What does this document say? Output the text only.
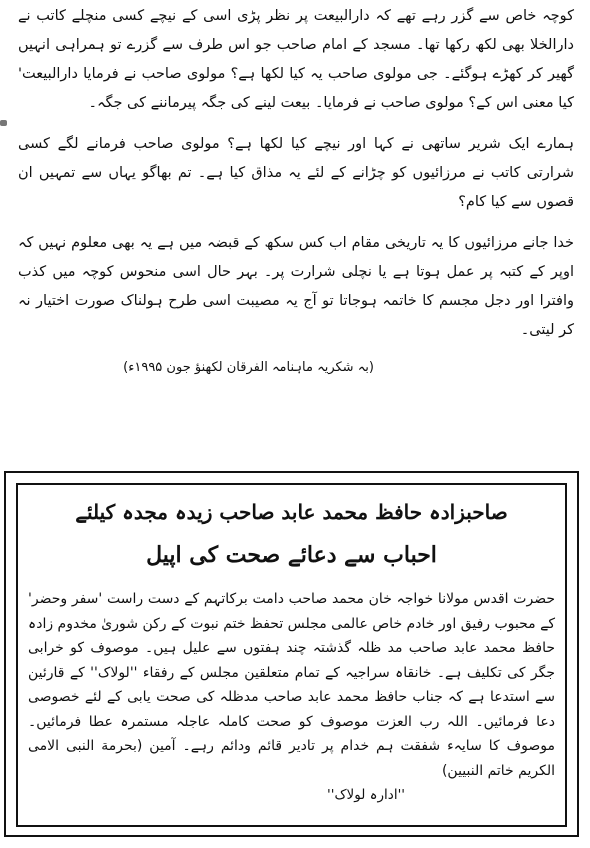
کوچہ خاص سے گزر رہے تھے کہ دارالبیعت پر نظر پڑی اسی کے نیچے کسی منچلے کاتب نے دارالخلا بھی لکھ رکھا تھا۔ مسجد کے امام صاحب جو اس طرف سے گزرے تو ہمراہی انہیں گھیر کر کھڑے ہوگئے۔ جی مولوی صاحب یہ کیا لکھا ہے؟ مولوی صاحب نے فرمایا دارالبیعت' کیا معنی اس کے؟ مولوی صاحب نے فرمایا۔ بیعت لینے کی جگہ پیرماننے کی جگہ۔

ہمارے ایک شریر ساتھی نے کہا اور نیچے کیا لکھا ہے؟ مولوی صاحب فرمانے لگے کسی شرارتی کاتب نے مرزائیوں کو چڑانے کے لئے یہ مذاق کیا ہے۔ تم بھاگو یہاں سے تمہیں ان قصوں سے کیا کام؟

خدا جانے مرزائیوں کا یہ تاریخی مقام اب کس سکھ کے قبضہ میں ہے یہ بھی معلوم نہیں کہ اوپر کے کتبہ پر عمل ہوتا ہے یا نچلی شرارت پر۔ بہر حال اسی منحوس کوچہ میں کذب وافترا اور دجل مجسم کا خاتمہ ہوجاتا تو آج یہ مصیبت اسی طرح ہولناک صورت اختیار نہ کر لیتی۔

(بہ شکریہ ماہنامہ الفرقان لکھنؤ جون ۱۹۹۵ء)

صاحبزادہ حافظ محمد عابد صاحب زیدہ مجدہ کیلئے
احباب سے دعائے صحت کی اپیل

حضرت اقدس مولانا خواجہ خان محمد صاحب دامت برکاتہم کے دست راست 'سفر وحضر' کے محبوب رفیق اور خادم خاص عالمی مجلس تحفظ ختم نبوت کے رکن شوریٰ مخدوم زادہ حافظ محمد عابد صاحب مد ظلہ گذشتہ چند ہفتوں سے علیل ہیں۔ موصوف کو خرابی جگر کی تکلیف ہے۔ خانقاہ سراجیہ کے تمام متعلقین مجلس کے رفقاء ''لولاک'' کے قارئین سے استدعا ہے کہ جناب حافظ محمد عابد صاحب مدظلہ کی صحت یابی کے لئے خصوصی دعا فرمائیں۔ اللہ رب العزت موصوف کو صحت کاملہ عاجلہ مستمرہ عطا فرمائیں۔ موصوف کا سایہء شفقت ہم خدام پر تادیر قائم ودائم رہے۔ آمین (بحرمة النبی الامی الکریم خاتم النبیین)

''ادارہ لولاک''
